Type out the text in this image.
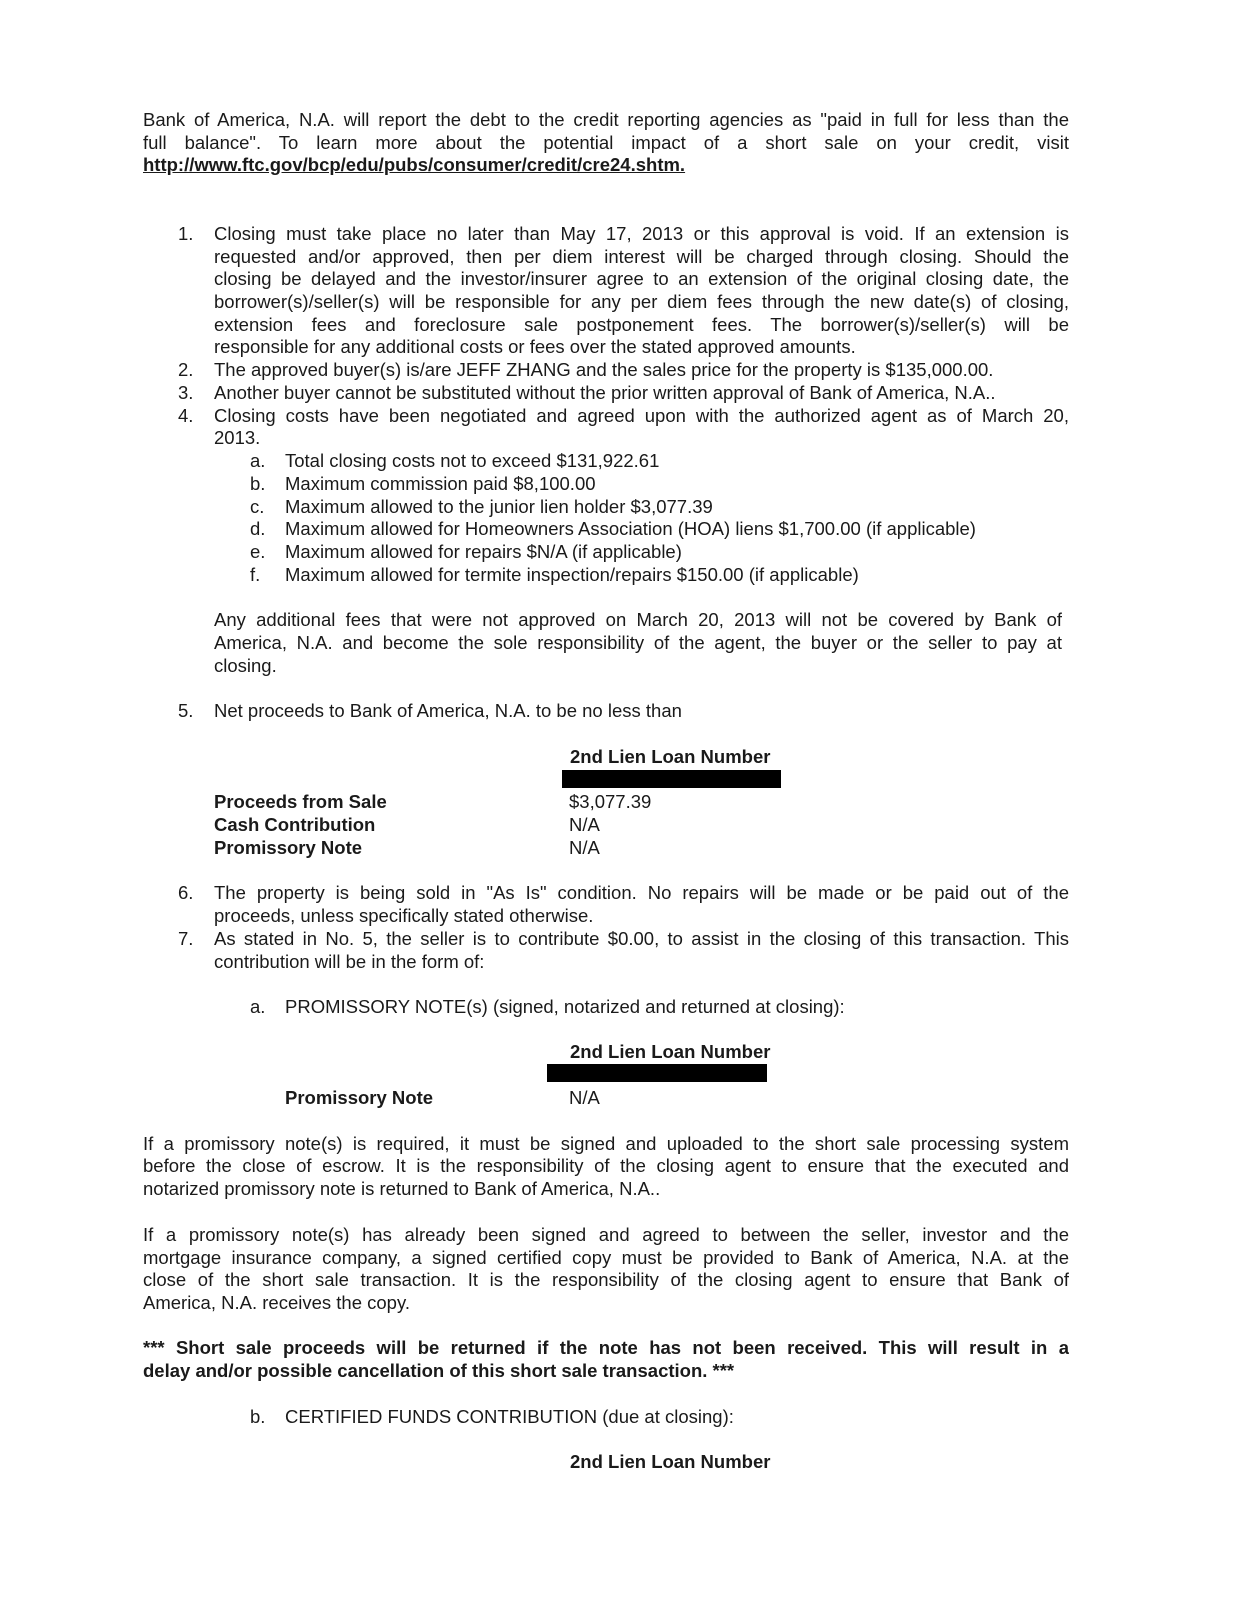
Bank of America, N.A. will report the debt to the credit reporting agencies as "paid in full for less than the
full balance". To learn more about the potential impact of a short sale on your credit, visit
http://www.ftc.gov/bcp/edu/pubs/consumer/credit/cre24.shtm.
1. Closing must take place no later than May 17, 2013 or this approval is void. If an extension is
requested and/or approved, then per diem interest will be charged through closing. Should the
closing be delayed and the investor/insurer agree to an extension of the original closing date, the
borrower(s)/seller(s) will be responsible for any per diem fees through the new date(s) of closing,
extension fees and foreclosure sale postponement fees. The borrower(s)/seller(s) will be
responsible for any additional costs or fees over the stated approved amounts.
2. The approved buyer(s) is/are JEFF ZHANG and the sales price for the property is $135,000.00.
3. Another buyer cannot be substituted without the prior written approval of Bank of America, N.A..
4. Closing costs have been negotiated and agreed upon with the authorized agent as of March 20,
2013.
a. Total closing costs not to exceed $131,922.61
b. Maximum commission paid $8,100.00
c. Maximum allowed to the junior lien holder $3,077.39
d. Maximum allowed for Homeowners Association (HOA) liens $1,700.00 (if applicable)
e. Maximum allowed for repairs $N/A (if applicable)
f. Maximum allowed for termite inspection/repairs $150.00 (if applicable)
Any additional fees that were not approved on March 20, 2013 will not be covered by Bank of
America, N.A. and become the sole responsibility of the agent, the buyer or the seller to pay at
closing.
5. Net proceeds to Bank of America, N.A. to be no less than
2nd Lien Loan Number
Proceeds from Sale	$3,077.39
Cash Contribution	N/A
Promissory Note	N/A
6. The property is being sold in "As Is" condition. No repairs will be made or be paid out of the
proceeds, unless specifically stated otherwise.
7. As stated in No. 5, the seller is to contribute $0.00, to assist in the closing of this transaction. This
contribution will be in the form of:
a. PROMISSORY NOTE(s) (signed, notarized and returned at closing):
2nd Lien Loan Number
Promissory Note	N/A
If a promissory note(s) is required, it must be signed and uploaded to the short sale processing system
before the close of escrow. It is the responsibility of the closing agent to ensure that the executed and
notarized promissory note is returned to Bank of America, N.A..
If a promissory note(s) has already been signed and agreed to between the seller, investor and the
mortgage insurance company, a signed certified copy must be provided to Bank of America, N.A. at the
close of the short sale transaction. It is the responsibility of the closing agent to ensure that Bank of
America, N.A. receives the copy.
*** Short sale proceeds will be returned if the note has not been received. This will result in a
delay and/or possible cancellation of this short sale transaction. ***
b. CERTIFIED FUNDS CONTRIBUTION (due at closing):
2nd Lien Loan Number
